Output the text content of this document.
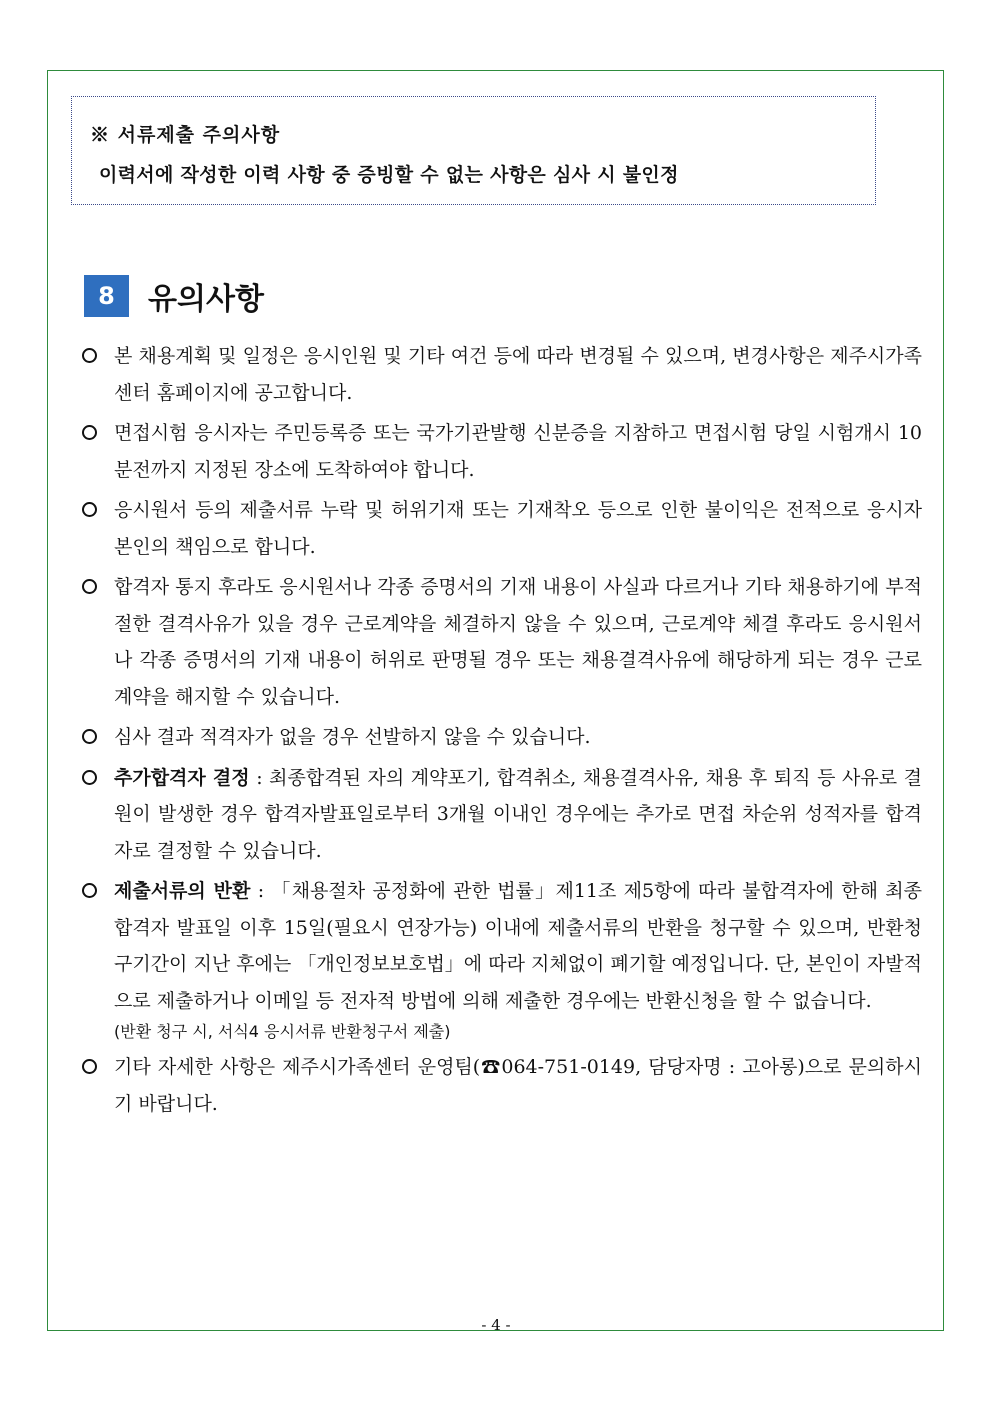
※ 서류제출 주의사항
이력서에 작성한 이력 사항 중 증빙할 수 없는 사항은 심사 시 불인정
8	유의사항
본 채용계획 및 일정은 응시인원 및 기타 여건 등에 따라 변경될 수 있으며, 변경사항은 제주시가족센터 홈페이지에 공고합니다.
면접시험 응시자는 주민등록증 또는 국가기관발행 신분증을 지참하고 면접시험 당일 시험개시 10분전까지 지정된 장소에 도착하여야 합니다.
응시원서 등의 제출서류 누락 및 허위기재 또는 기재착오 등으로 인한 불이익은 전적으로 응시자 본인의 책임으로 합니다.
합격자 통지 후라도 응시원서나 각종 증명서의 기재 내용이 사실과 다르거나 기타 채용하기에 부적절한 결격사유가 있을 경우 근로계약을 체결하지 않을 수 있으며, 근로계약 체결 후라도 응시원서나 각종 증명서의 기재 내용이 허위로 판명될 경우 또는 채용결격사유에 해당하게 되는 경우 근로계약을 해지할 수 있습니다.
심사 결과 적격자가 없을 경우 선발하지 않을 수 있습니다.
추가합격자 결정 : 최종합격된 자의 계약포기, 합격취소, 채용결격사유, 채용 후 퇴직 등 사유로 결원이 발생한 경우 합격자발표일로부터 3개월 이내인 경우에는 추가로 면접 차순위 성적자를 합격자로 결정할 수 있습니다.
제출서류의 반환 : 「채용절차 공정화에 관한 법률」제11조 제5항에 따라 불합격자에 한해 최종합격자 발표일 이후 15일(필요시 연장가능) 이내에 제출서류의 반환을 청구할 수 있으며, 반환청구기간이 지난 후에는 「개인정보보호법」에 따라 지체없이 폐기할 예정입니다. 단, 본인이 자발적으로 제출하거나 이메일 등 전자적 방법에 의해 제출한 경우에는 반환신청을 할 수 없습니다.
(반환 청구 시, 서식4 응시서류 반환청구서 제출)
기타 자세한 사항은 제주시가족센터 운영팀(☎064-751-0149, 담당자명 : 고아롱)으로 문의하시기 바랍니다.
- 4 -
